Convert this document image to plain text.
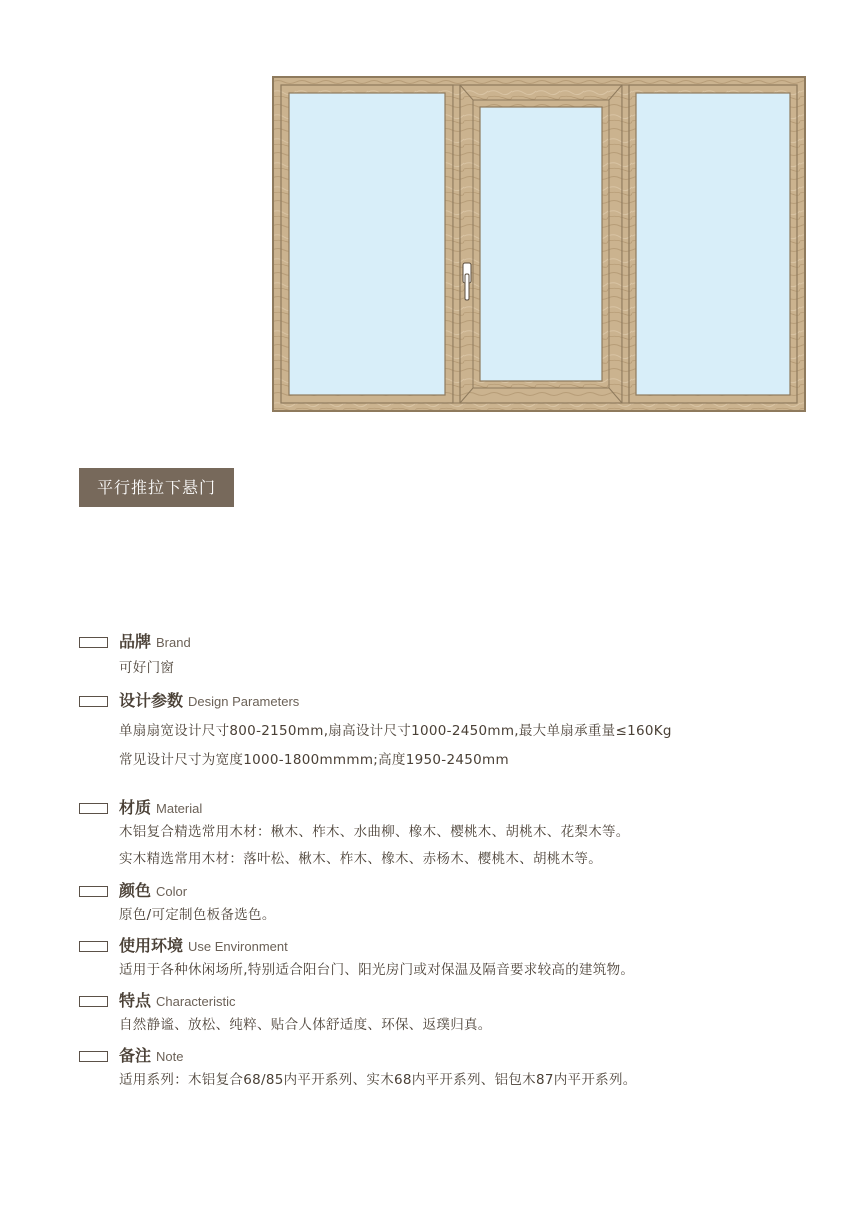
平行推拉下悬门
品牌 Brand
可好门窗
设计参数 Design Parameters
单扇扇宽设计尺寸800-2150mm,扇高设计尺寸1000-2450mm,最大单扇承重量≤160Kg
常见设计尺寸为宽度1000-1800mmmm;高度1950-2450mm
材质 Material
木铝复合精选常用木材：楸木、柞木、水曲柳、橡木、樱桃木、胡桃木、花梨木等。
实木精选常用木材：落叶松、楸木、柞木、橡木、赤杨木、樱桃木、胡桃木等。
颜色 Color
原色/可定制色板备选色。
使用环境 Use Environment
适用于各种休闲场所,特别适合阳台门、阳光房门或对保温及隔音要求较高的建筑物。
特点 Characteristic
自然静谧、放松、纯粹、贴合人体舒适度、环保、返璞归真。
备注 Note
适用系列：木铝复合68/85内平开系列、实木68内平开系列、铝包木87内平开系列。
